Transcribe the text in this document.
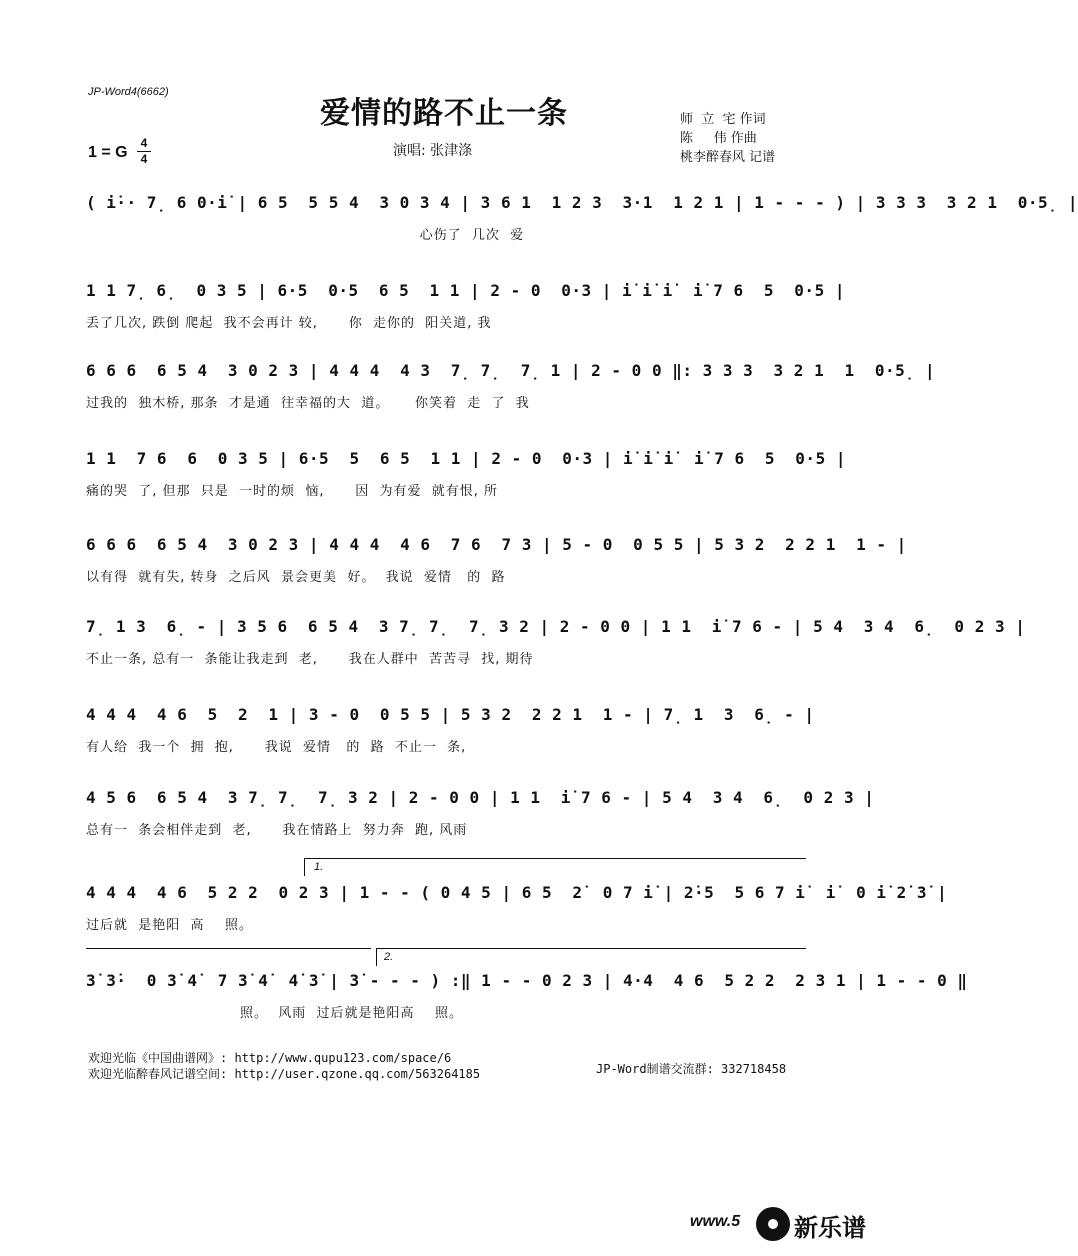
JP-Word4(6662)
爱情的路不止一条
1 = G
4
4	演唱: 张津涤
师  立  宅 作词
陈     伟 作曲
桃李醉春风 记谱
( i̇·· 7̣ 6 0·i̇ | 6 5  5 5 4  3 0 3 4 | 3 6 1  1 2 3  3·1  1 2 1 | 1 - - - ) | 3 3 3  3 2 1  0·5̣ |
心伤了  几次  爱
1 1 7̣ 6̣  0 3 5 | 6·5  0·5  6 5  1 1 | 2 - 0  0·3 | i̇ i̇ i̇  i̇ 7 6  5  0·5 |
丢了几次, 跌倒 爬起  我不会再计 较,      你  走你的  阳关道, 我
6 6 6  6 5 4  3 0 2 3 | 4 4 4  4 3  7̣ 7̣  7̣ 1 | 2 - 0 0 ‖: 3 3 3  3 2 1  1  0·5̣ |
过我的  独木桥, 那条  才是通  往幸福的大  道。     你笑着  走  了  我
1 1  7 6  6  0 3 5 | 6·5  5  6 5  1 1 | 2 - 0  0·3 | i̇ i̇ i̇  i̇ 7 6  5  0·5 |
痛的哭  了, 但那  只是  一时的烦  恼,      因  为有爱  就有恨, 所
6 6 6  6 5 4  3 0 2 3 | 4 4 4  4 6  7 6  7 3 | 5 - 0  0 5 5 | 5 3 2  2 2 1  1 - |
以有得  就有失, 转身  之后风  景会更美  好。  我说  爱情   的  路
7̣ 1 3  6̣ - | 3 5 6  6 5 4  3 7̣ 7̣  7̣ 3 2 | 2 - 0 0 | 1 1  i̇ 7 6 - | 5 4  3 4  6̣  0 2 3 |
不止一条, 总有一  条能让我走到  老,      我在人群中  苦苦寻  找, 期待
4 4 4  4 6  5  2  1 | 3 - 0  0 5 5 | 5 3 2  2 2 1  1 - | 7̣ 1  3  6̣ - |
有人给  我一个  拥  抱,      我说  爱情   的  路  不止一  条,
4 5 6  6 5 4  3 7̣ 7̣  7̣ 3 2 | 2 - 0 0 | 1 1  i̇ 7 6 - | 5 4  3 4  6̣  0 2 3 |
总有一  条会相伴走到  老,      我在情路上  努力奔  跑, 风雨
1.
4 4 4  4 6  5 2 2  0 2 3 | 1 - - ( 0 4 5 | 6 5  2̇  0 7 i̇ | 2̇·5  5 6 7 i̇  i̇  0 i̇ 2̇ 3̇ |
过后就  是艳阳  高    照。
2.
3̇ 3̇·  0 3̇ 4̇  7 3̇ 4̇  4̇ 3̇ | 3̇ - - - ) :‖ 1 - - 0 2 3 | 4·4  4 6  5 2 2  2 3 1 | 1 - - 0 ‖
照。  风雨  过后就是艳阳高    照。
欢迎光临《中国曲谱网》: http://www.qupu123.com/space/6
欢迎光临醉春风记谱空间: http://user.qzone.qq.com/563264185	JP-Word制谱交流群: 332718458
www.5 新乐谱
